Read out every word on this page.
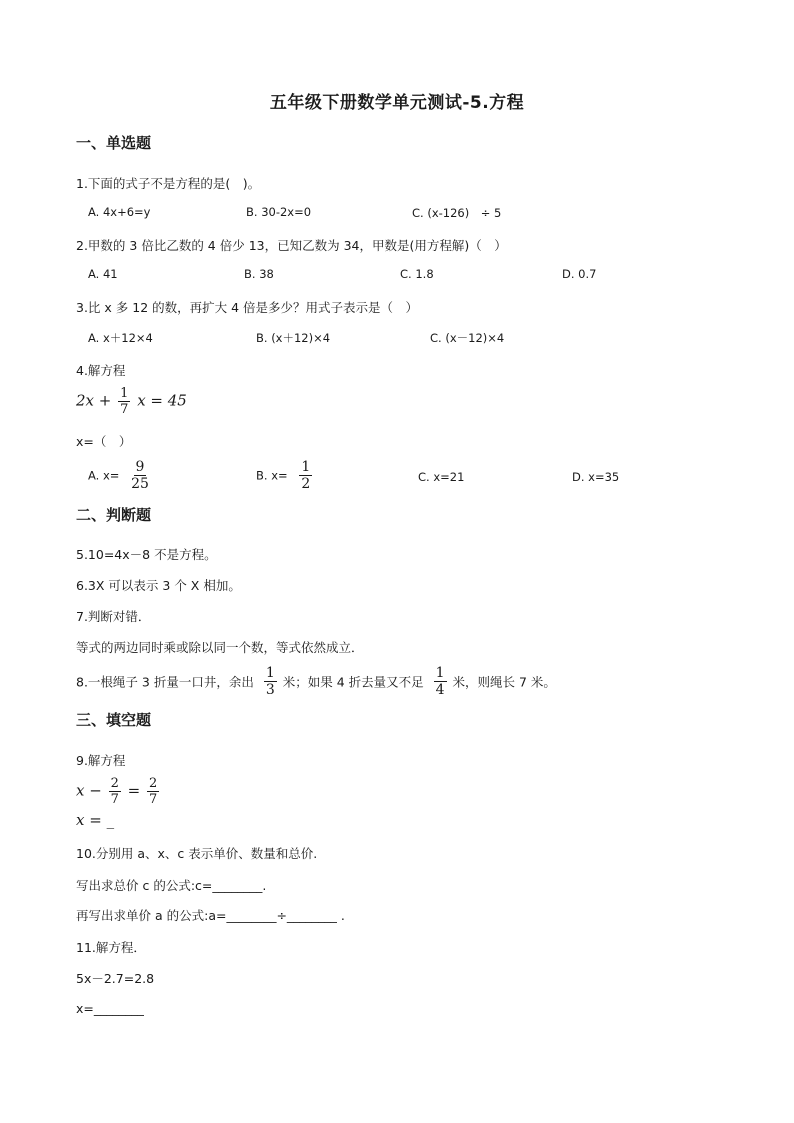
五年级下册数学单元测试-5.方程
一、单选题
1.下面的式子不是方程的是(　)。
A. 4x+6=y	B. 30-2x=0	C. (x-126)　÷ 5
2.甲数的 3 倍比乙数的 4 倍少 13，已知乙数为 34，甲数是(用方程解)（　）
A. 41	B. 38	C. 1.8	D. 0.7
3.比 x 多 12 的数，再扩大 4 倍是多少？用式子表示是（　）
A. x＋12×4	B. (x＋12)×4	C. (x－12)×4
4.解方程
$2x + \frac{1}{7}$ x = 45
x=（　）
A. $x= \frac{9}{25}$	B. $x= \frac{1}{2}$	C. x=21	D. x=35
二、判断题
5.10=4x－8 不是方程。
6.3X 可以表示 3 个 X 相加。
7.判断对错．
等式的两边同时乘或除以同一个数，等式依然成立．
8.一根绳子 3 折量一口井，余出 $\frac{1}{3}$ 米；如果 4 折去量又不足 $\frac{1}{4}$ 米，则绳长 7 米。
三、填空题
9.解方程
$x - \frac{2}{7} = \frac{2}{7}$
x = _
10.分别用 a、x、c 表示单价、数量和总价.
写出求总价 c 的公式:c=________.
再写出求单价 a 的公式:a=________÷________ .
11.解方程．
5x－2.7=2.8
x=________
